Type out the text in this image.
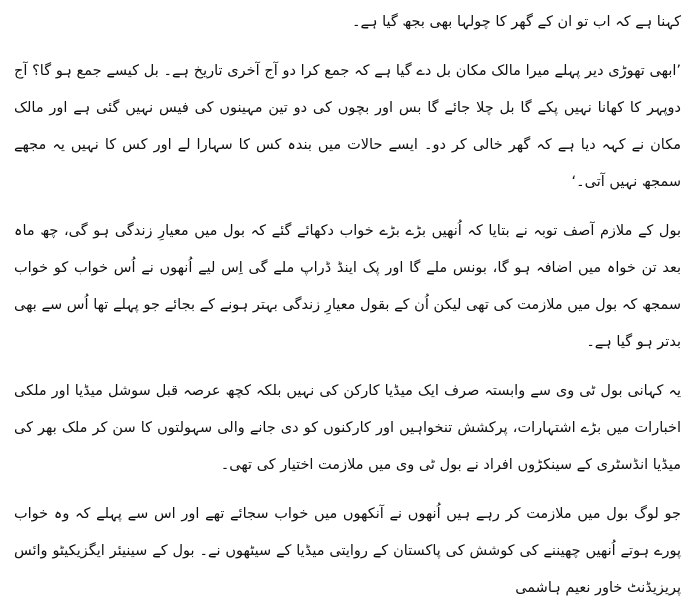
کہنا ہے کہ اب تو ان کے گھر کا چولہا بھی بجھ گیا ہے۔

’ابھی تھوڑی دیر پہلے میرا مالک مکان بل دے گیا ہے کہ جمع کرا دو آج آخری تاریخ ہے۔ بل کیسے جمع ہو گا؟ آج دوپہر کا کھانا نہیں پکے گا بل چلا جائے گا بس اور بچوں کی دو تین مہینوں کی فیس نہیں گئی ہے اور مالک مکان نے کہہ دیا ہے کہ گھر خالی کر دو۔ ایسے حالات میں بندہ کس کا سہارا لے اور کس کا نہیں یہ مجھے سمجھ نہیں آتی۔‘

بول کے ملازم آصف توبہ نے بتایا کہ اُنھیں بڑے بڑے خواب دکھائے گئے کہ بول میں معیارِ زندگی ہو گی، چھ ماہ بعد تن خواہ میں اضافہ ہو گا، بونس ملے گا اور پک اینڈ ڈراپ ملے گی اِس لیے اُنھوں نے اُس خواب کو خواب سمجھ کہ بول میں ملازمت کی تھی لیکن اُن کے بقول معیارِ زندگی بہتر ہونے کے بجائے جو پہلے تھا اُس سے بھی بدتر ہو گیا ہے۔

یہ کہانی بول ٹی وی سے وابستہ صرف ایک میڈیا کارکن کی نہیں بلکہ کچھ عرصہ قبل سوشل میڈیا اور ملکی اخبارات میں بڑے اشتہارات، پرکشش تنخواہیں اور کارکنوں کو دی جانے والی سہولتوں کا سن کر ملک بھر کی میڈیا انڈسٹری کے سینکڑوں افراد نے بول ٹی وی میں ملازمت اختیار کی تھی۔

جو لوگ بول میں ملازمت کر رہے ہیں اُنھوں نے آنکھوں میں خواب سجائے تھے اور اس سے پہلے کہ وہ خواب پورے ہوتے اُنھیں چھیننے کی کوشش کی پاکستان کے روایتی میڈیا کے سیٹھوں نے۔ بول کے سینیئر ایگزیکیٹو وائس پریزیڈنٹ خاور نعیم ہاشمی
